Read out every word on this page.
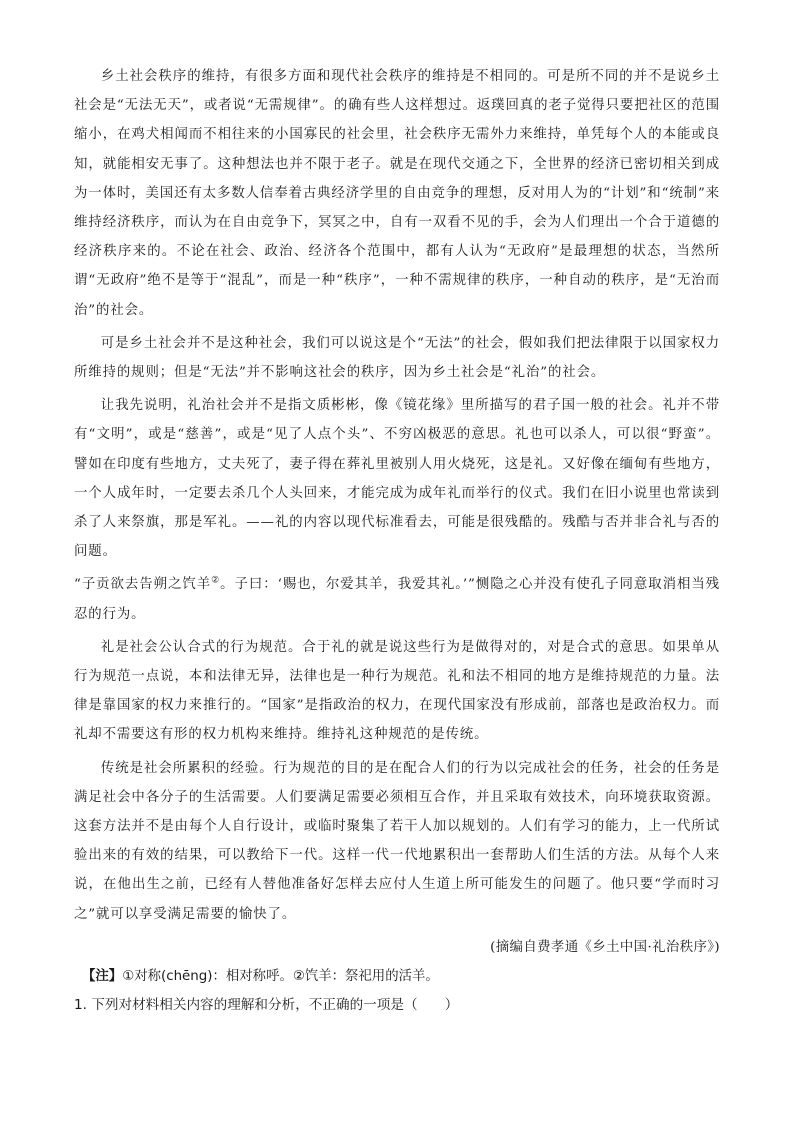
乡土社会秩序的维持，有很多方面和现代社会秩序的维持是不相同的。可是所不同的并不是说乡土社会是“无法无天”，或者说“无需规律”。的确有些人这样想过。返璞回真的老子觉得只要把社区的范围缩小，在鸡犬相闻而不相往来的小国寡民的社会里，社会秩序无需外力来维持，单凭每个人的本能或良知，就能相安无事了。这种想法也并不限于老子。就是在现代交通之下，全世界的经济已密切相关到成为一体时，美国还有太多数人信奉着古典经济学里的自由竞争的理想，反对用人为的“计划”和“统制”来维持经济秩序，而认为在自由竞争下，冥冥之中，自有一双看不见的手，会为人们理出一个合于道德的经济秩序来的。不论在社会、政治、经济各个范围中，都有人认为“无政府”是最理想的状态，当然所谓“无政府”绝不是等于“混乱”，而是一种“秩序”，一种不需规律的秩序，一种自动的秩序，是“无治而治”的社会。

可是乡土社会并不是这种社会，我们可以说这是个“无法”的社会，假如我们把法律限于以国家权力所维持的规则；但是“无法”并不影响这社会的秩序，因为乡土社会是“礼治”的社会。

让我先说明，礼治社会并不是指文质彬彬，像《镜花缘》里所描写的君子国一般的社会。礼并不带有“文明”，或是“慈善”，或是“见了人点个头”、不穷凶极恶的意思。礼也可以杀人，可以很“野蛮”。譬如在印度有些地方，丈夫死了，妻子得在葬礼里被别人用火烧死，这是礼。又好像在缅甸有些地方，一个人成年时，一定要去杀几个人头回来，才能完成为成年礼而举行的仪式。我们在旧小说里也常读到杀了人来祭旗，那是军礼。——礼的内容以现代标准看去，可能是很残酷的。残酷与否并非合礼与否的问题。

“子贡欲去告朔之饩羊②。子曰：‘赐也，尔爱其羊，我爱其礼。’”恻隐之心并没有使孔子同意取消相当残忍的行为。

礼是社会公认合式的行为规范。合于礼的就是说这些行为是做得对的，对是合式的意思。如果单从行为规范一点说，本和法律无异，法律也是一种行为规范。礼和法不相同的地方是维持规范的力量。法律是靠国家的权力来推行的。“国家”是指政治的权力，在现代国家没有形成前，部落也是政治权力。而礼却不需要这有形的权力机构来维持。维持礼这种规范的是传统。

传统是社会所累积的经验。行为规范的目的是在配合人们的行为以完成社会的任务，社会的任务是满足社会中各分子的生活需要。人们要满足需要必须相互合作，并且采取有效技术，向环境获取资源。这套方法并不是由每个人自行设计，或临时聚集了若干人加以规划的。人们有学习的能力，上一代所试验出来的有效的结果，可以教给下一代。这样一代一代地累积出一套帮助人们生活的方法。从每个人来说，在他出生之前，已经有人替他准备好怎样去应付人生道上所可能发生的问题了。他只要“学而时习之”就可以享受满足需要的愉快了。

(摘编自费孝通《乡土中国·礼治秩序》)

【注】①对称(chēng)：相对称呼。②饩羊：祭祀用的活羊。

1. 下列对材料相关内容的理解和分析，不正确的一项是（　　）
